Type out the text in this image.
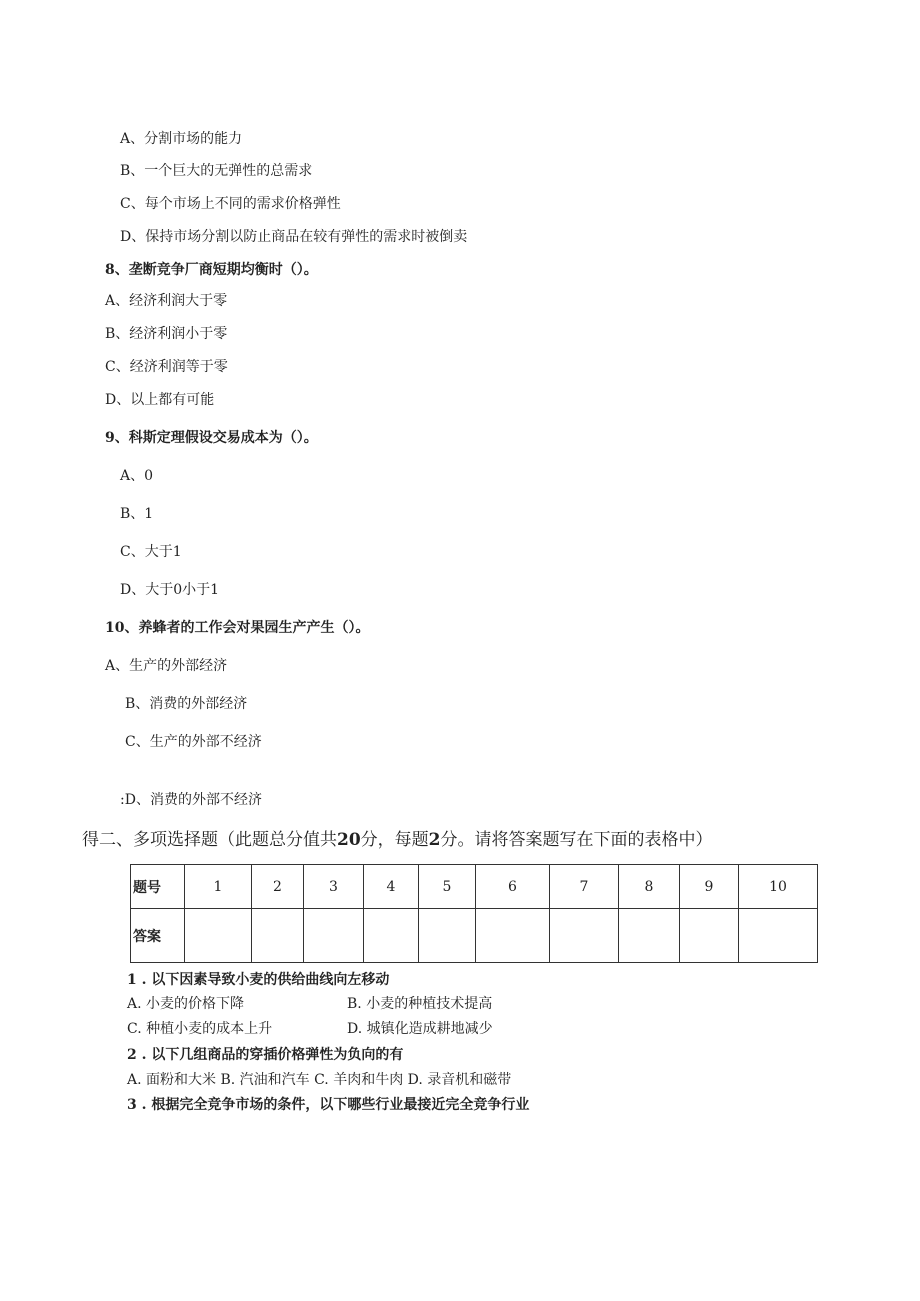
A、分割市场的能力
B、一个巨大的无弹性的总需求
C、每个市场上不同的需求价格弹性
D、保持市场分割以防止商品在较有弹性的需求时被倒卖
8、垄断竞争厂商短期均衡时（）。
A、经济利润大于零
B、经济利润小于零
C、经济利润等于零
D、以上都有可能
9、科斯定理假设交易成本为（）。
A、0
B、1
C、大于1
D、大于0小于1
10、养蜂者的工作会对果园生产产生（）。
A、生产的外部经济
B、消费的外部经济
C、生产的外部不经济
:D、消费的外部不经济
得二、多项选择题（此题总分值共20分，每题2分。请将答案题写在下面的表格中）
题号	1	2	3	4	5	6	7	8	9	10
答案										
1 . 以下因素导致小麦的供给曲线向左移动
A. 小麦的价格下降	B. 小麦的种植技术提高
C. 种植小麦的成本上升	D. 城镇化造成耕地减少
2 . 以下几组商品的穿插价格弹性为负向的有
A. 面粉和大米 B. 汽油和汽车 C. 羊肉和牛肉 D. 录音机和磁带
3 . 根据完全竞争市场的条件，以下哪些行业最接近完全竞争行业
